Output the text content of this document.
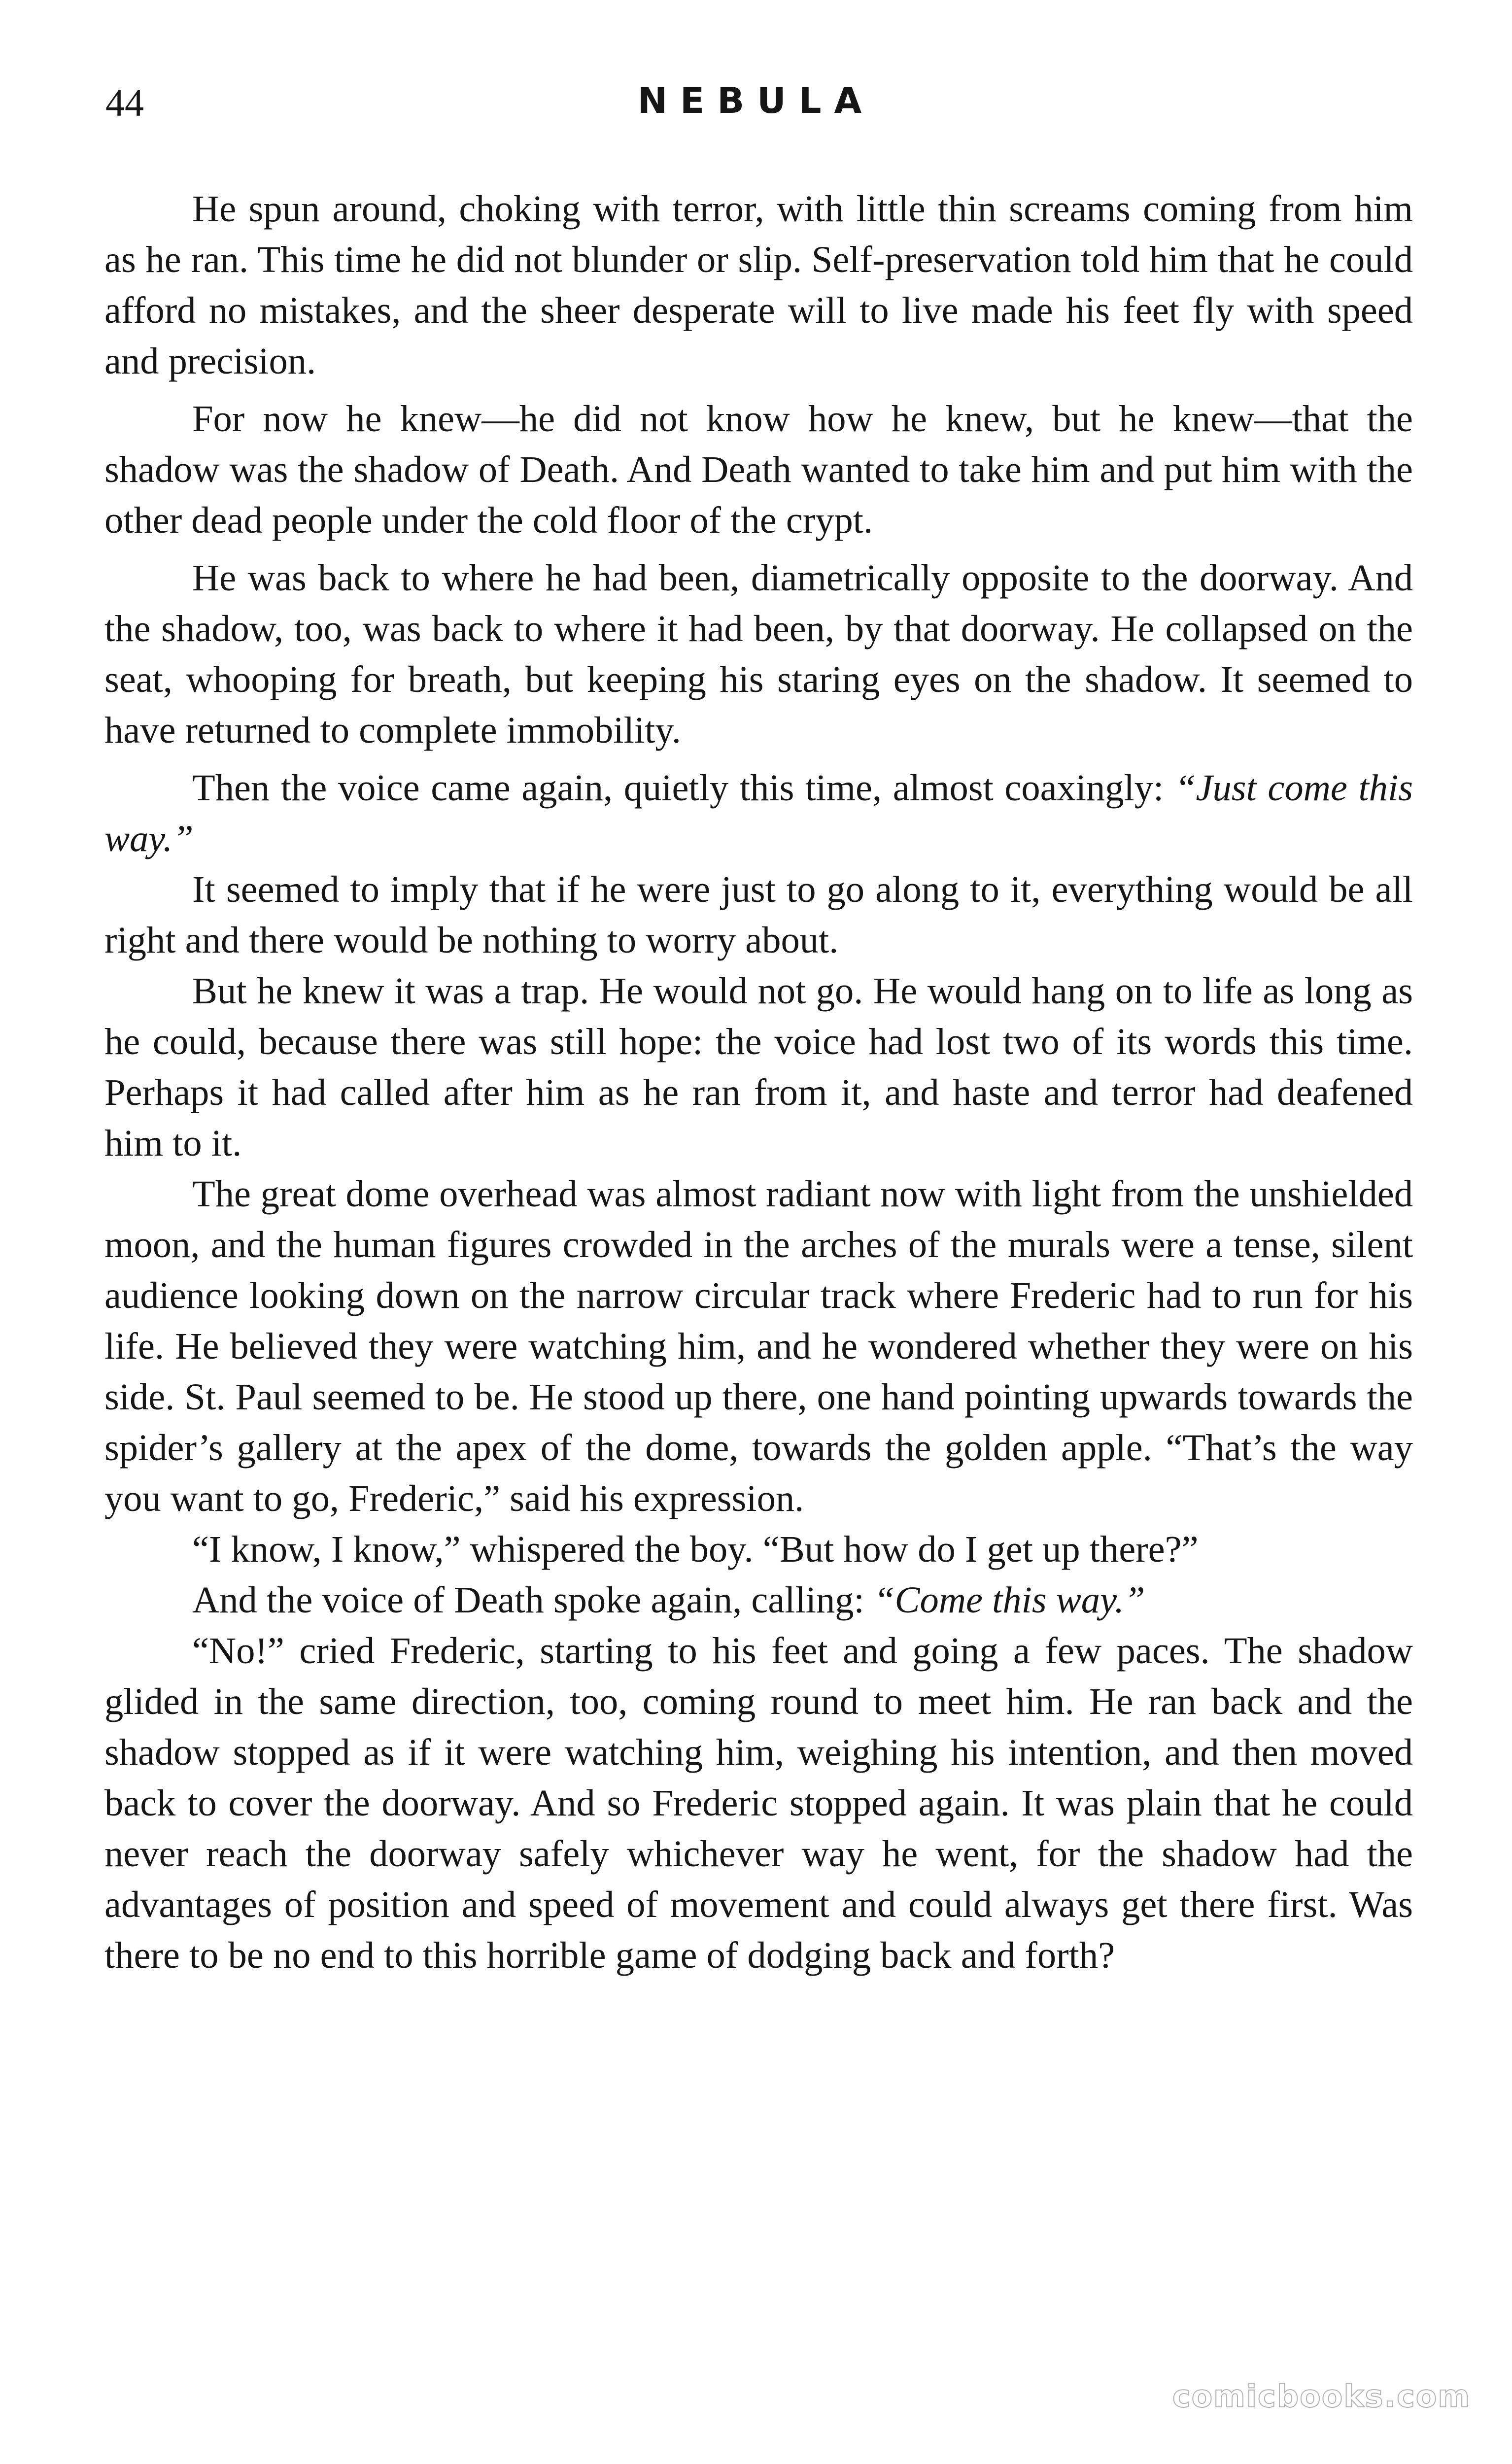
44	NEBULA

He spun around, choking with terror, with little thin screams coming from him as he ran. This time he did not blunder or slip. Self-preservation told him that he could afford no mistakes, and the sheer desperate will to live made his feet fly with speed and precision.

For now he knew—he did not know how he knew, but he knew—that the shadow was the shadow of Death. And Death wanted to take him and put him with the other dead people under the cold floor of the crypt.

He was back to where he had been, diametrically opposite to the doorway. And the shadow, too, was back to where it had been, by that doorway. He collapsed on the seat, whooping for breath, but keeping his staring eyes on the shadow. It seemed to have returned to complete immobility.

Then the voice came again, quietly this time, almost coaxingly: “Just come this way.”

It seemed to imply that if he were just to go along to it, everything would be all right and there would be nothing to worry about.

But he knew it was a trap. He would not go. He would hang on to life as long as he could, because there was still hope: the voice had lost two of its words this time. Perhaps it had called after him as he ran from it, and haste and terror had deafened him to it.

The great dome overhead was almost radiant now with light from the unshielded moon, and the human figures crowded in the arches of the murals were a tense, silent audience looking down on the narrow circular track where Frederic had to run for his life. He believed they were watching him, and he wondered whether they were on his side. St. Paul seemed to be. He stood up there, one hand pointing upwards towards the spider’s gallery at the apex of the dome, towards the golden apple. “That’s the way you want to go, Frederic,” said his expression.

“I know, I know,” whispered the boy. “But how do I get up there?”

And the voice of Death spoke again, calling: “Come this way.”

“No!” cried Frederic, starting to his feet and going a few paces. The shadow glided in the same direction, too, coming round to meet him. He ran back and the shadow stopped as if it were watching him, weighing his intention, and then moved back to cover the doorway. And so Frederic stopped again. It was plain that he could never reach the doorway safely whichever way he went, for the shadow had the advantages of position and speed of movement and could always get there first. Was there to be no end to this horrible game of dodging back and forth?

comicbooks.com
